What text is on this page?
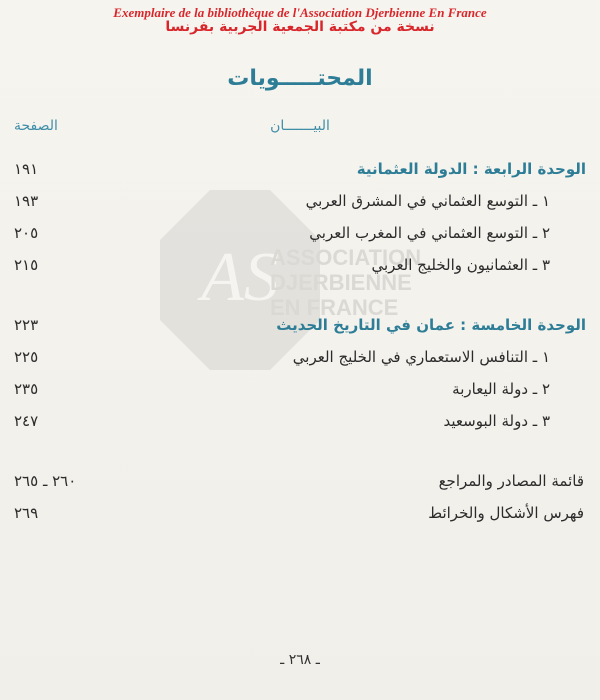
Exemplaire de la bibliothèque de l'Association Djerbienne En France
نسخة من مكتبة الجمعية الجربية بفرنسا
AS
ASSOCIATION
DJERBIENNE
EN FRANCE
المحتـــــويات
البيـــــــان
الصفحة
الوحدة الرابعة : الدولة العثمانية
١٩١
١ ـ التوسع العثماني في المشرق العربي
١٩٣
٢ ـ التوسع العثماني في المغرب العربي
٢٠٥
٣ ـ العثمانيون والخليج العربي
٢١٥
الوحدة الخامسة : عمان في التاريخ الحديث
٢٢٣
١ ـ التنافس الاستعماري في الخليج العربي
٢٢٥
٢ ـ دولة اليعاربة
٢٣٥
٣ ـ دولة البوسعيد
٢٤٧
قائمة المصادر والمراجع
٢٦٠ ـ ٢٦٥
فهرس الأشكال والخرائط
٢٦٩
ـ ٢٦٨ ـ
